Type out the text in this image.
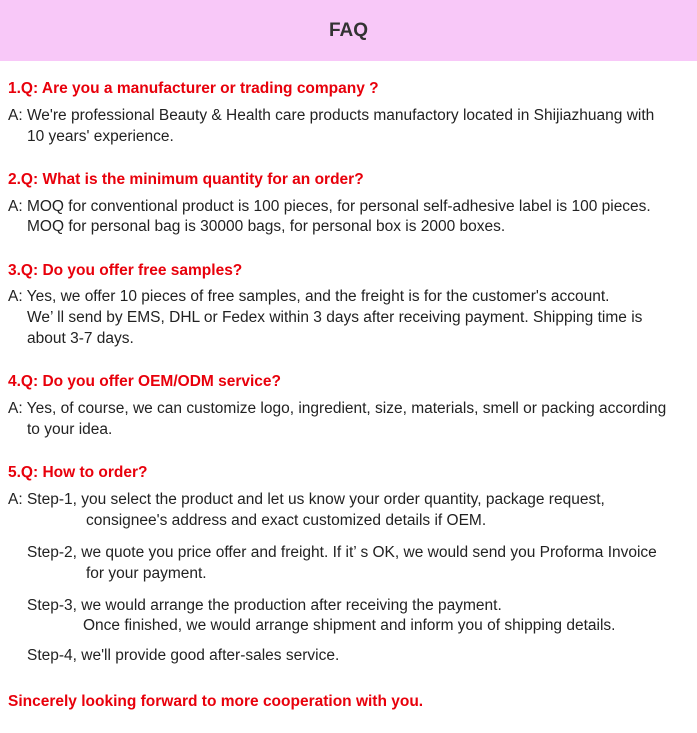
FAQ
1.Q: Are you a manufacturer or trading company ?
A: We're professional Beauty & Health care products manufactory located in Shijiazhuang with
10 years' experience.
2.Q: What is the minimum quantity for an order?
A: MOQ for conventional product is 100 pieces, for personal self-adhesive label is 100 pieces.
MOQ for personal bag is 30000 bags, for personal box is 2000 boxes.
3.Q: Do you offer free samples?
A: Yes, we offer 10 pieces of free samples, and the freight is for the customer's account.
We’ ll send by EMS, DHL or Fedex within 3 days after receiving payment. Shipping time is
about 3-7 days.
4.Q: Do you offer OEM/ODM service?
A: Yes, of course, we can customize logo, ingredient, size, materials, smell or packing according
to your idea.
5.Q: How to order?
A: Step-1, you select the product and let us know your order quantity, package request,
consignee's address and exact customized details if OEM.
Step-2, we quote you price offer and freight. If it’ s OK, we would send you Proforma Invoice
for your payment.
Step-3, we would arrange the production after receiving the payment.
Once finished, we would arrange shipment and inform you of shipping details.
Step-4, we'll provide good after-sales service.
Sincerely looking forward to more cooperation with you.
